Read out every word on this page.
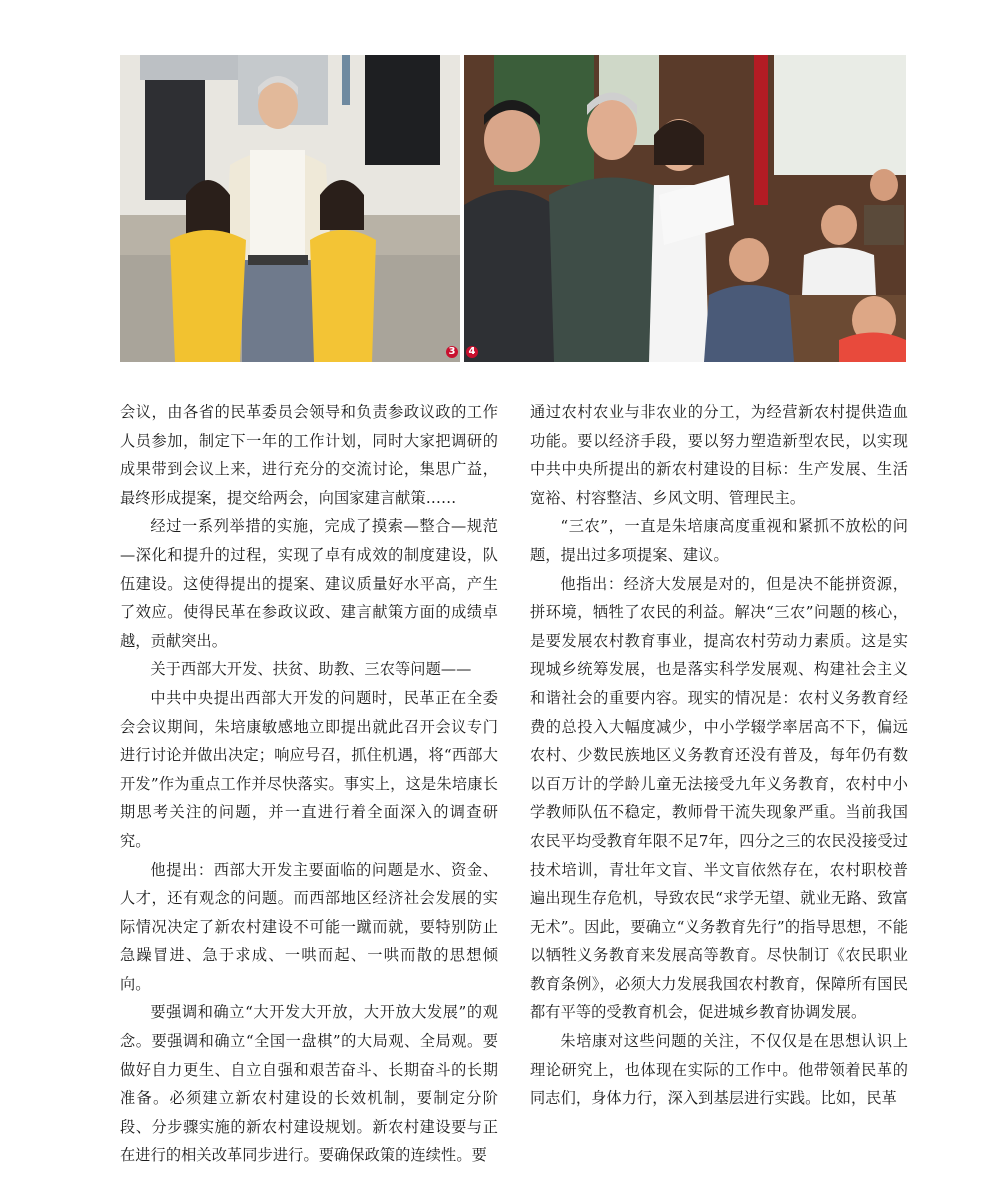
3 4

会议，由各省的民革委员会领导和负责参政议政的工作人员参加，制定下一年的工作计划，同时大家把调研的成果带到会议上来，进行充分的交流讨论，集思广益，最终形成提案，提交给两会，向国家建言献策……

经过一系列举措的实施，完成了摸索—整合—规范—深化和提升的过程，实现了卓有成效的制度建设，队伍建设。这使得提出的提案、建议质量好水平高，产生了效应。使得民革在参政议政、建言献策方面的成绩卓越，贡献突出。

关于西部大开发、扶贫、助教、三农等问题——

中共中央提出西部大开发的问题时，民革正在全委会会议期间，朱培康敏感地立即提出就此召开会议专门进行讨论并做出决定；响应号召，抓住机遇，将“西部大开发”作为重点工作并尽快落实。事实上，这是朱培康长期思考关注的问题，并一直进行着全面深入的调查研究。

他提出：西部大开发主要面临的问题是水、资金、人才，还有观念的问题。而西部地区经济社会发展的实际情况决定了新农村建设不可能一蹴而就，要特别防止急躁冒进、急于求成、一哄而起、一哄而散的思想倾向。

要强调和确立“大开发大开放，大开放大发展”的观念。要强调和确立“全国一盘棋”的大局观、全局观。要做好自力更生、自立自强和艰苦奋斗、长期奋斗的长期准备。必须建立新农村建设的长效机制，要制定分阶段、分步骤实施的新农村建设规划。新农村建设要与正在进行的相关改革同步进行。要确保政策的连续性。要

通过农村农业与非农业的分工，为经营新农村提供造血功能。要以经济手段，要以努力塑造新型农民，以实现中共中央所提出的新农村建设的目标：生产发展、生活宽裕、村容整洁、乡风文明、管理民主。

“三农”，一直是朱培康高度重视和紧抓不放松的问题，提出过多项提案、建议。

他指出：经济大发展是对的，但是决不能拼资源，拼环境，牺牲了农民的利益。解决“三农”问题的核心，是要发展农村教育事业，提高农村劳动力素质。这是实现城乡统筹发展，也是落实科学发展观、构建社会主义和谐社会的重要内容。现实的情况是：农村义务教育经费的总投入大幅度减少，中小学辍学率居高不下，偏远农村、少数民族地区义务教育还没有普及，每年仍有数以百万计的学龄儿童无法接受九年义务教育，农村中小学教师队伍不稳定，教师骨干流失现象严重。当前我国农民平均受教育年限不足7年，四分之三的农民没接受过技术培训，青壮年文盲、半文盲依然存在，农村职校普遍出现生存危机，导致农民“求学无望、就业无路、致富无术”。因此，要确立“义务教育先行”的指导思想，不能以牺牲义务教育来发展高等教育。尽快制订《农民职业教育条例》，必须大力发展我国农村教育，保障所有国民都有平等的受教育机会，促进城乡教育协调发展。

朱培康对这些问题的关注，不仅仅是在思想认识上理论研究上，也体现在实际的工作中。他带领着民革的同志们，身体力行，深入到基层进行实践。比如，民革
